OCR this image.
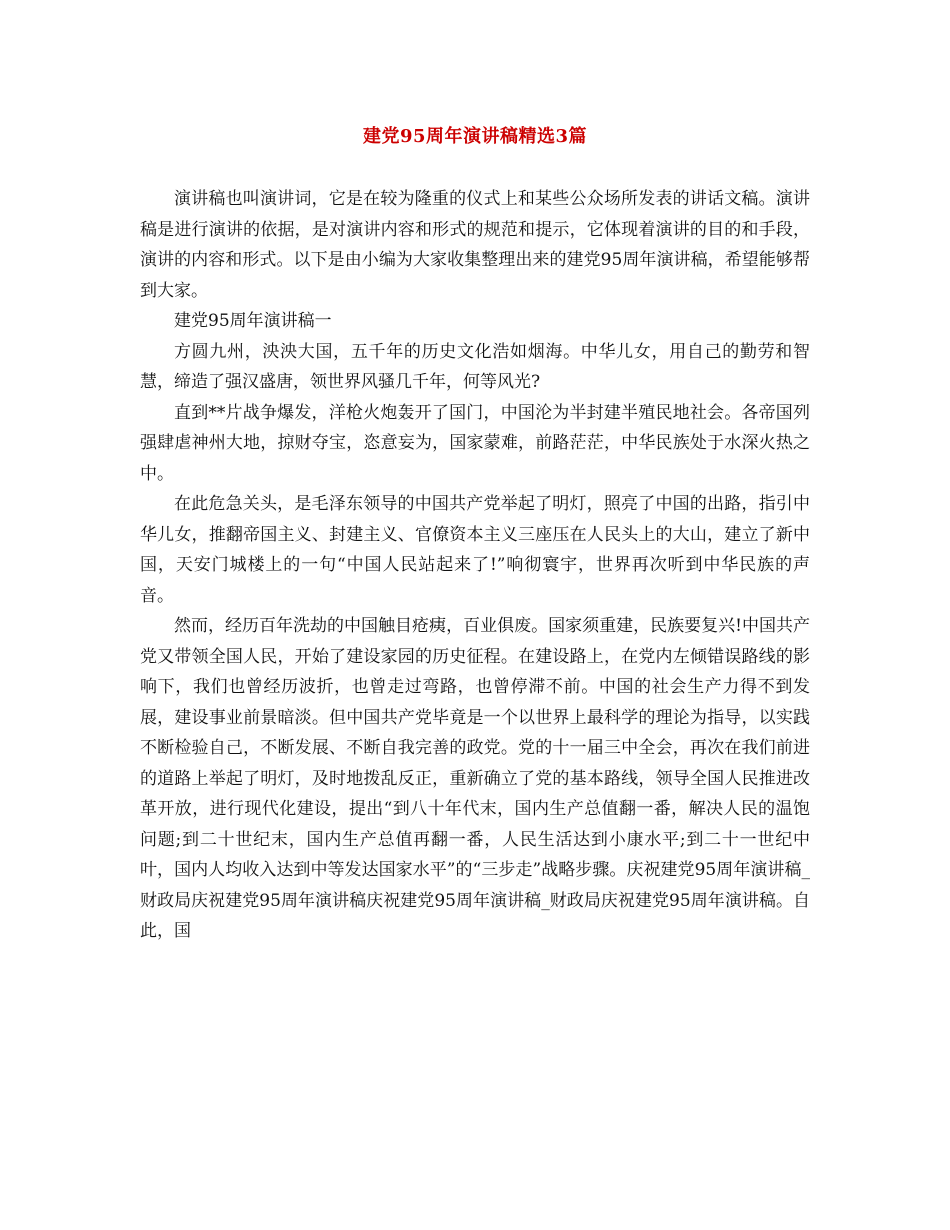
建党95周年演讲稿精选3篇

演讲稿也叫演讲词，它是在较为隆重的仪式上和某些公众场所发表的讲话文稿。演讲稿是进行演讲的依据，是对演讲内容和形式的规范和提示，它体现着演讲的目的和手段，演讲的内容和形式。以下是由小编为大家收集整理出来的建党95周年演讲稿，希望能够帮到大家。

建党95周年演讲稿一

方圆九州，泱泱大国，五千年的历史文化浩如烟海。中华儿女，用自己的勤劳和智慧，缔造了强汉盛唐，领世界风骚几千年，何等风光?

直到**片战争爆发，洋枪火炮轰开了国门，中国沦为半封建半殖民地社会。各帝国列强肆虐神州大地，掠财夺宝，恣意妄为，国家蒙难，前路茫茫，中华民族处于水深火热之中。

在此危急关头，是毛泽东领导的中国共产党举起了明灯，照亮了中国的出路，指引中华儿女，推翻帝国主义、封建主义、官僚资本主义三座压在人民头上的大山，建立了新中国，天安门城楼上的一句“中国人民站起来了!”响彻寰宇，世界再次听到中华民族的声音。

然而，经历百年洗劫的中国触目疮痍，百业俱废。国家须重建，民族要复兴!中国共产党又带领全国人民，开始了建设家园的历史征程。在建设路上，在党内左倾错误路线的影响下，我们也曾经历波折，也曾走过弯路，也曾停滞不前。中国的社会生产力得不到发展，建设事业前景暗淡。但中国共产党毕竟是一个以世界上最科学的理论为指导，以实践不断检验自己，不断发展、不断自我完善的政党。党的十一届三中全会，再次在我们前进的道路上举起了明灯，及时地拨乱反正，重新确立了党的基本路线，领导全国人民推进改革开放，进行现代化建设，提出“到八十年代末，国内生产总值翻一番，解决人民的温饱问题;到二十世纪末，国内生产总值再翻一番，人民生活达到小康水平;到二十一世纪中叶，国内人均收入达到中等发达国家水平”的“三步走”战略步骤。庆祝建党95周年演讲稿_财政局庆祝建党95周年演讲稿庆祝建党95周年演讲稿_财政局庆祝建党95周年演讲稿。自此，国
